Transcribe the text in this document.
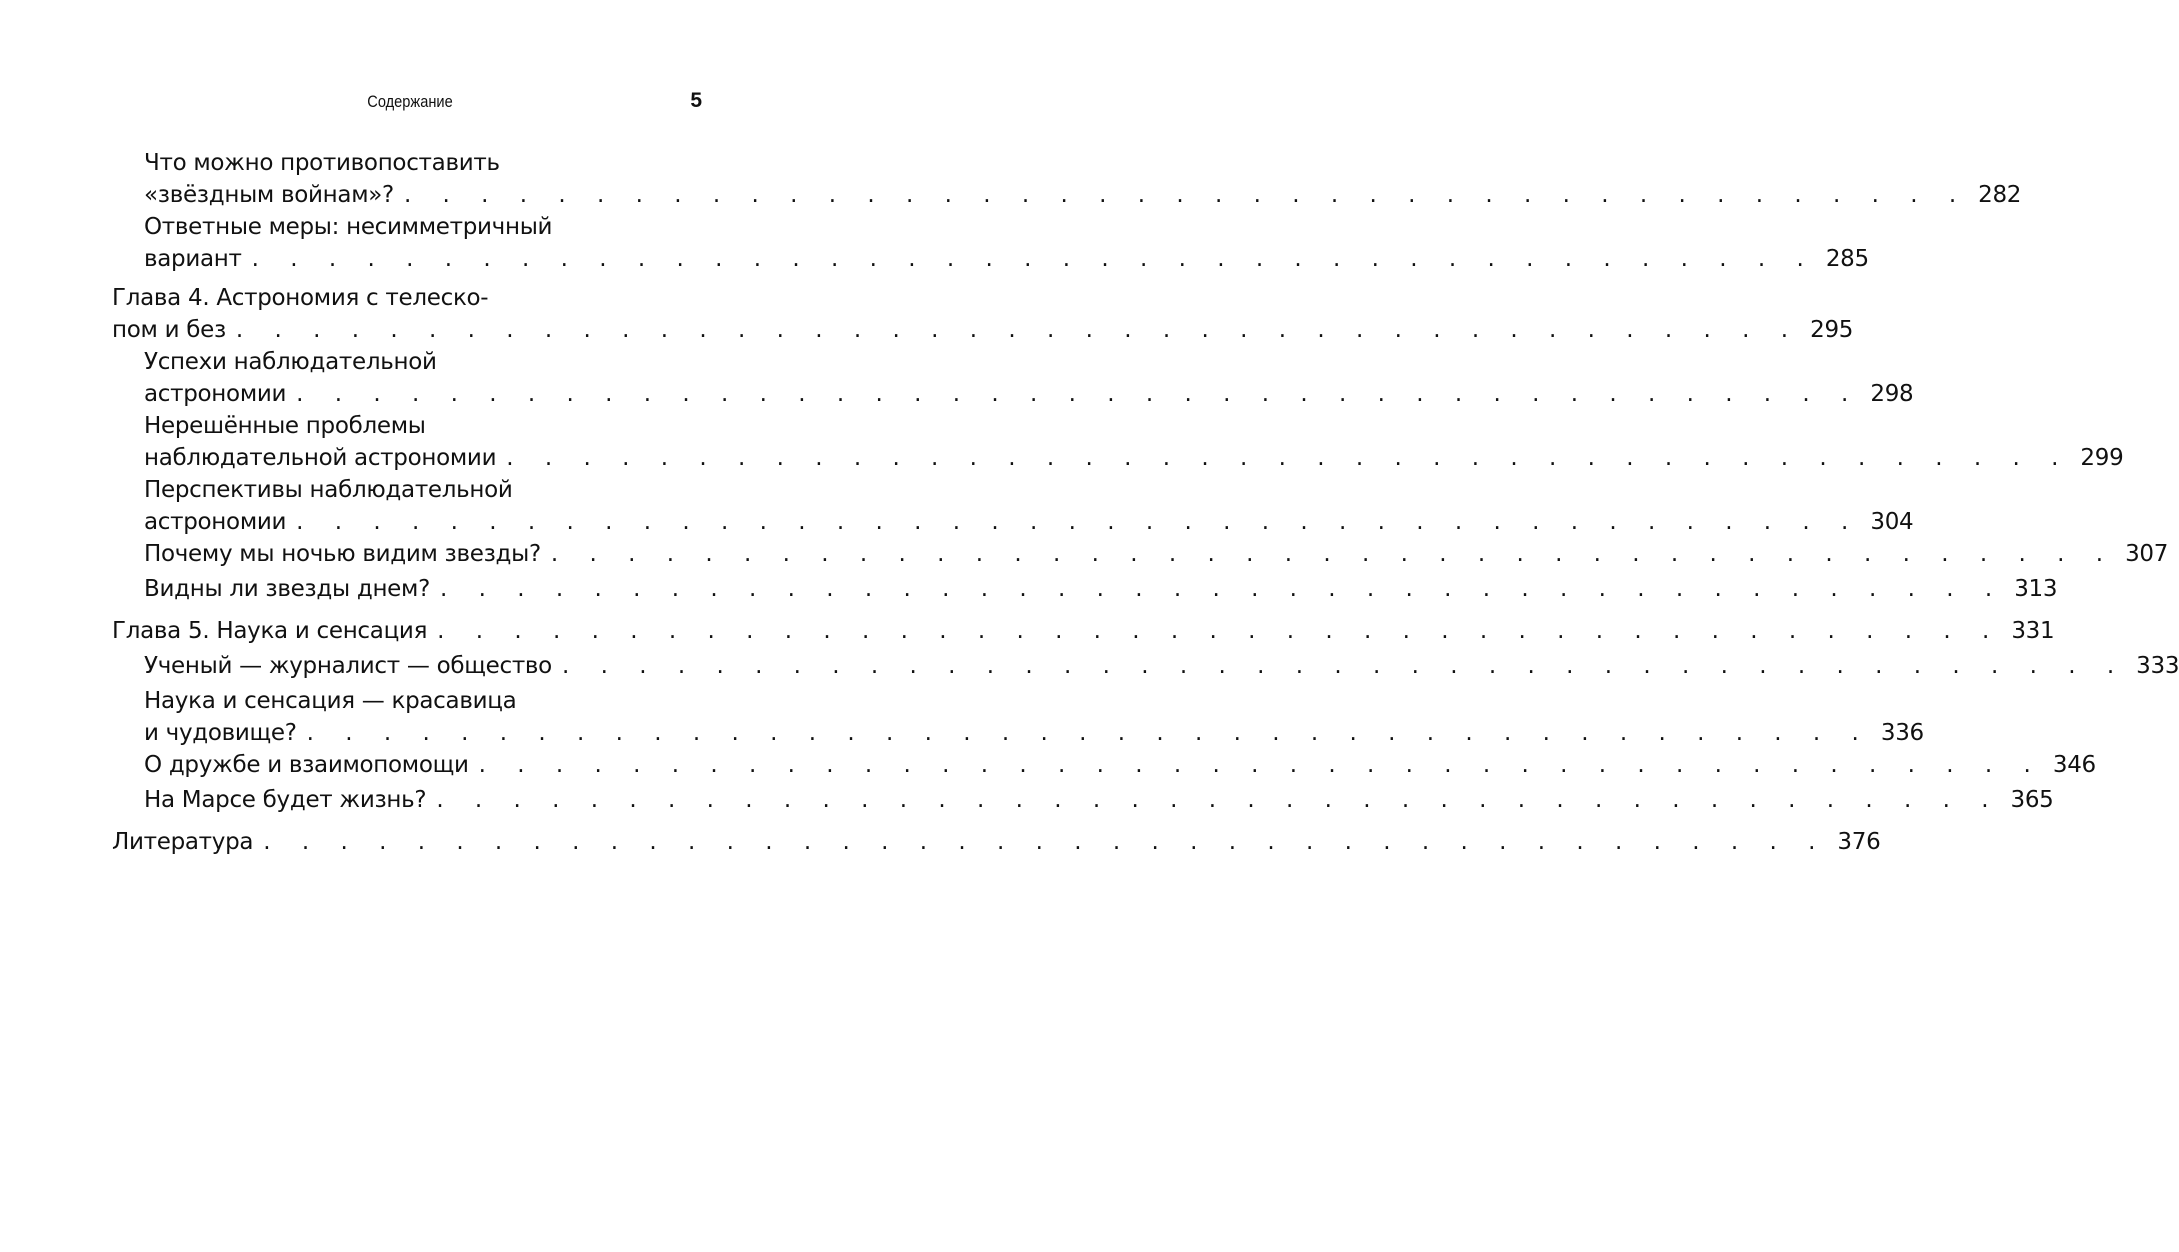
Содержание	5
Что можно противопоставить
«звёздным войнам»? . . . . . . . . . . . . . . . . . . . . . . . . . . . . . . . . . . . . . . . . . 282
Ответные меры: несимметричный
вариант . . . . . . . . . . . . . . . . . . . . . . . . . . . . . . . . . . . . . . . . . 285
Глава 4. Астрономия с телеско-
пом и без . . . . . . . . . . . . . . . . . . . . . . . . . . . . . . . . . . . . . . . . . 295
Успехи наблюдательной
астрономии . . . . . . . . . . . . . . . . . . . . . . . . . . . . . . . . . . . . . . . . . 298
Нерешённые проблемы
наблюдательной астрономии . . . . . . . . . . . . . . . . . . . . . . . . . . . . . . . . . . . . . . . . . 299
Перспективы наблюдательной
астрономии . . . . . . . . . . . . . . . . . . . . . . . . . . . . . . . . . . . . . . . . . 304
Почему мы ночью видим звезды? . . . . . . . . . . . . . . . . . . . . . . . . . . . . . . . . . . . . . . . . . 307
Видны ли звезды днем? . . . . . . . . . . . . . . . . . . . . . . . . . . . . . . . . . . . . . . . . . 313
Глава 5. Наука и сенсация . . . . . . . . . . . . . . . . . . . . . . . . . . . . . . . . . . . . . . . . . 331
Ученый — журналист — общество . . . . . . . . . . . . . . . . . . . . . . . . . . . . . . . . . . . . . . . . . 333
Наука и сенсация — красавица
и чудовище? . . . . . . . . . . . . . . . . . . . . . . . . . . . . . . . . . . . . . . . . . 336
О дружбе и взаимопомощи . . . . . . . . . . . . . . . . . . . . . . . . . . . . . . . . . . . . . . . . . 346
На Марсе будет жизнь? . . . . . . . . . . . . . . . . . . . . . . . . . . . . . . . . . . . . . . . . . 365
Литература . . . . . . . . . . . . . . . . . . . . . . . . . . . . . . . . . . . . . . . . . 376
